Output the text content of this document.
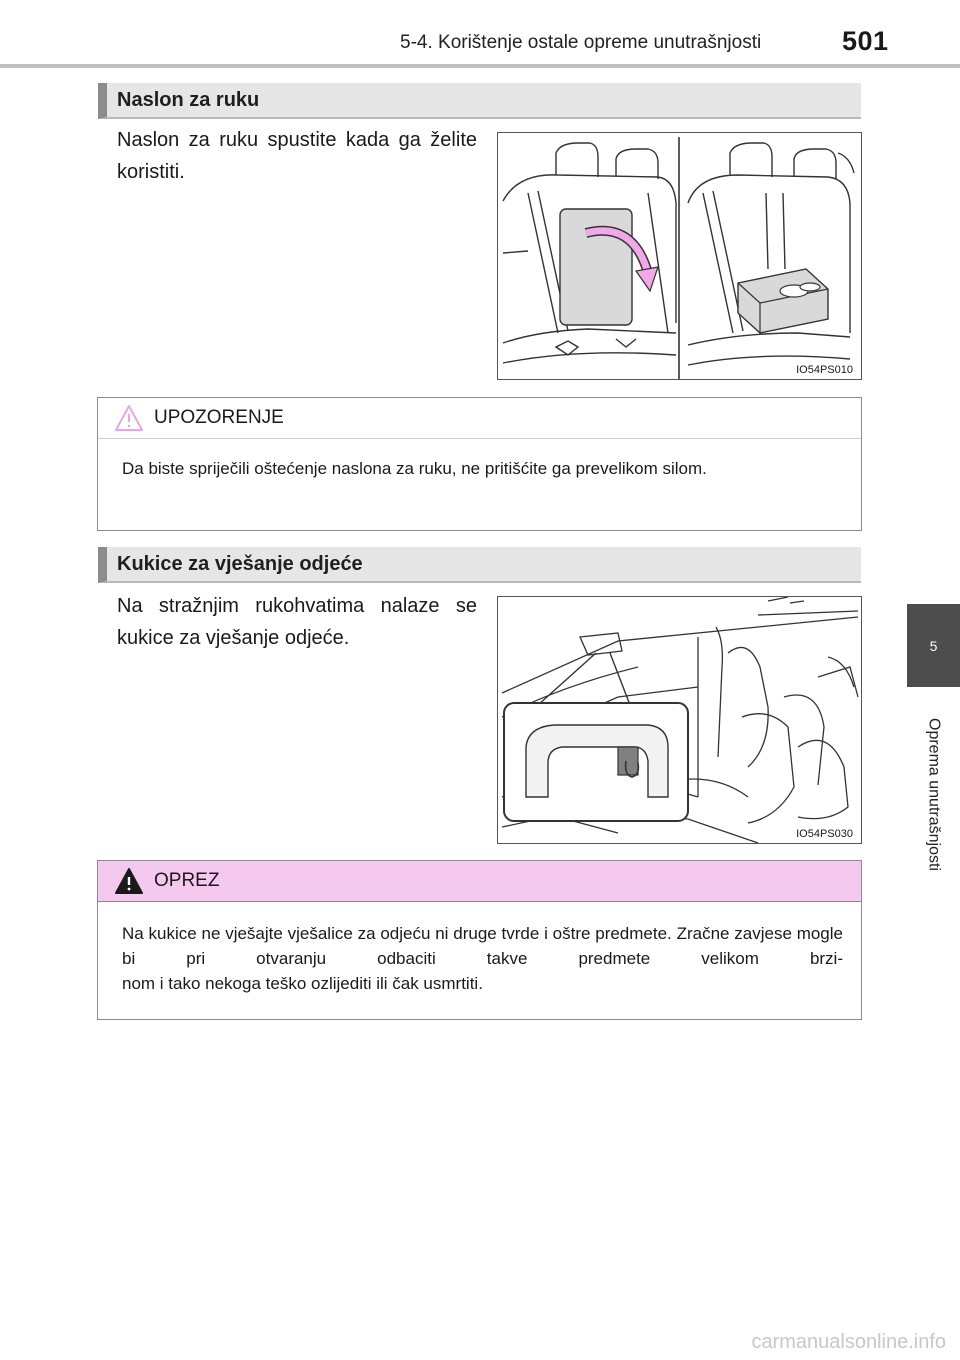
5-4. Korištenje ostale opreme unutrašnjosti	501
5
Oprema unutrašnjosti
Naslon za ruku
Naslon za ruku spustite kada ga želite koristiti.
IO54PS010
UPOZORENJE
Da biste spriječili oštećenje naslona za ruku, ne pritišćite ga prevelikom silom.
Kukice za vješanje odjeće
Na stražnjim rukohvatima nalaze se kukice za vješanje odjeće.
IO54PS030
OPREZ
Na kukice ne vješajte vješalice za odjeću ni druge tvrde i oštre predmete. Zračne zavjese mogle bi pri otvaranju odbaciti takve predmete velikom brzi-
nom i tako nekoga teško ozlijediti ili čak usmrtiti.
carmanualsonline.info
